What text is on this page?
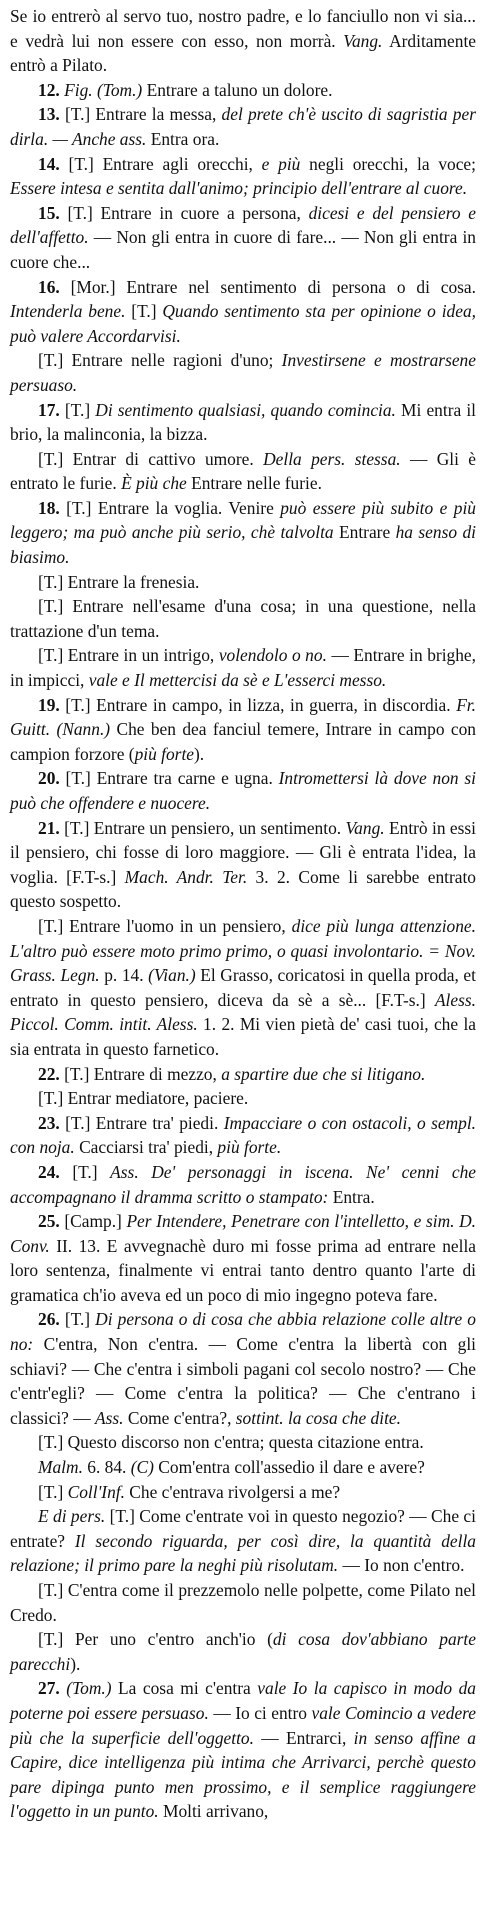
Se io entrerò al servo tuo, nostro padre, e lo fanciullo non vi sia... e vedrà lui non essere con esso, non morrà. Vang. Arditamente entrò a Pilato.

12. Fig. (Tom.) Entrare a taluno un dolore.

13. [T.] Entrare la messa, del prete ch'è uscito di sagristia per dirla. — Anche ass. Entra ora.

14. [T.] Entrare agli orecchi, e più negli orecchi, la voce; Essere intesa e sentita dall'animo; principio dell'entrare al cuore.

15. [T.] Entrare in cuore a persona, dicesi e del pensiero e dell'affetto. — Non gli entra in cuore di fare... — Non gli entra in cuore che...

16. [Mor.] Entrare nel sentimento di persona o di cosa. Intenderla bene. [T.] Quando sentimento sta per opinione o idea, può valere Accordarvisi.

[T.] Entrare nelle ragioni d'uno; Investirsene e mostrarsene persuaso.

17. [T.] Di sentimento qualsiasi, quando comincia. Mi entra il brio, la malinconia, la bizza.

[T.] Entrar di cattivo umore. Della pers. stessa. — Gli è entrato le furie. È più che Entrare nelle furie.

18. [T.] Entrare la voglia. Venire può essere più subito e più leggero; ma può anche più serio, chè talvolta Entrare ha senso di biasimo.

[T.] Entrare la frenesia.

[T.] Entrare nell'esame d'una cosa; in una questione, nella trattazione d'un tema.

[T.] Entrare in un intrigo, volendolo o no. — Entrare in brighe, in impicci, vale e Il mettercisi da sè e L'esserci messo.

19. [T.] Entrare in campo, in lizza, in guerra, in discordia. Fr. Guitt. (Nann.) Che ben dea fanciul temere, Intrare in campo con campion forzore (più forte).

20. [T.] Entrare tra carne e ugna. Intromettersi là dove non si può che offendere e nuocere.

21. [T.] Entrare un pensiero, un sentimento. Vang. Entrò in essi il pensiero, chi fosse di loro maggiore. — Gli è entrata l'idea, la voglia. [F.T-s.] Mach. Andr. Ter. 3. 2. Come li sarebbe entrato questo sospetto.

[T.] Entrare l'uomo in un pensiero, dice più lunga attenzione. L'altro può essere moto primo primo, o quasi involontario. = Nov. Grass. Legn. p. 14. (Vian.) El Grasso, coricatosi in quella proda, et entrato in questo pensiero, diceva da sè a sè... [F.T-s.] Aless. Piccol. Comm. intit. Aless. 1. 2. Mi vien pietà de' casi tuoi, che la sia entrata in questo farnetico.

22. [T.] Entrare di mezzo, a spartire due che si litigano.

[T.] Entrar mediatore, paciere.

23. [T.] Entrare tra' piedi. Impacciare o con ostacoli, o sempl. con noja. Cacciarsi tra' piedi, più forte.

24. [T.] Ass. De' personaggi in iscena. Ne' cenni che accompagnano il dramma scritto o stampato: Entra.

25. [Camp.] Per Intendere, Penetrare con l'intelletto, e sim. D. Conv. II. 13. E avvegnachè duro mi fosse prima ad entrare nella loro sentenza, finalmente vi entrai tanto dentro quanto l'arte di gramatica ch'io aveva ed un poco di mio ingegno poteva fare.

26. [T.] Di persona o di cosa che abbia relazione colle altre o no: C'entra, Non c'entra. — Come c'entra la libertà con gli schiavi? — Che c'entra i simboli pagani col secolo nostro? — Che c'entr'egli? — Come c'entra la politica? — Che c'entrano i classici? — Ass. Come c'entra?, sottint. la cosa che dite.

[T.] Questo discorso non c'entra; questa citazione entra.

Malm. 6. 84. (C) Com'entra coll'assedio il dare e avere?

[T.] Coll'Inf. Che c'entrava rivolgersi a me?

E di pers. [T.] Come c'entrate voi in questo negozio? — Che ci entrate? Il secondo riguarda, per così dire, la quantità della relazione; il primo pare la neghi più risolutam. — Io non c'entro.

[T.] C'entra come il prezzemolo nelle polpette, come Pilato nel Credo.

[T.] Per uno c'entro anch'io (di cosa dov'abbiano parte parecchi).

27. (Tom.) La cosa mi c'entra vale Io la capisco in modo da poterne poi essere persuaso. — Io ci entro vale Comincio a vedere più che la superficie dell'oggetto. — Entrarci, in senso affine a Capire, dice intelligenza più intima che Arrivarci, perchè questo pare dipinga punto men prossimo, e il semplice raggiungere l'oggetto in un punto. Molti arrivano,
